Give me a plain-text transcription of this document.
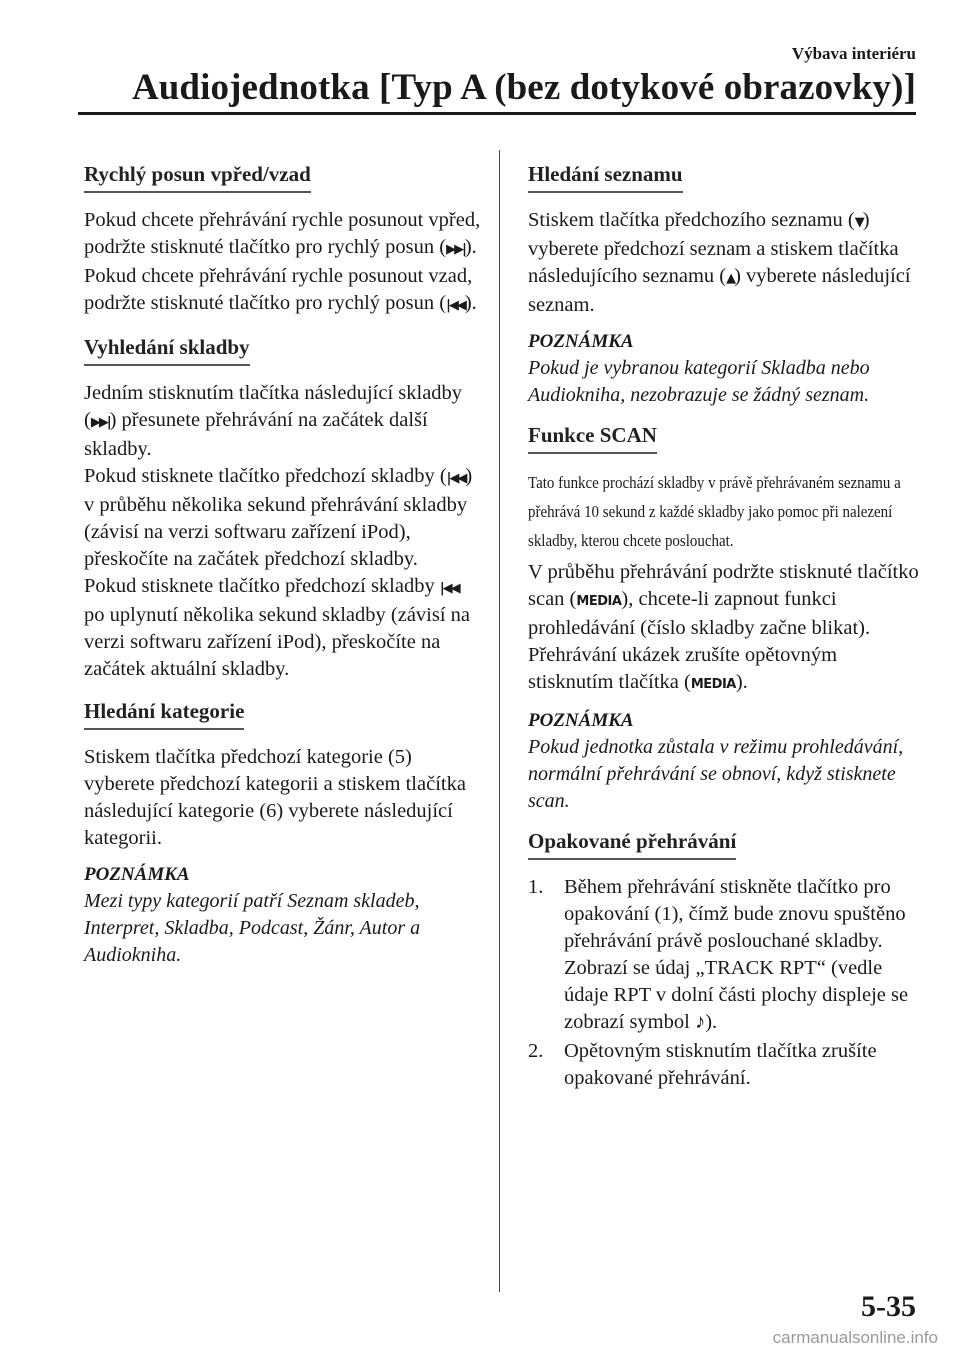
Výbava interiéru
Audiojednotka [Typ A (bez dotykové obrazovky)]
Rychlý posun vpřed/vzad

Pokud chcete přehrávání rychle posunout vpřed, podržte stisknuté tlačítko pro rychlý posun (▶▶|).
Pokud chcete přehrávání rychle posunout vzad, podržte stisknuté tlačítko pro rychlý posun (|◀◀).

Vyhledání skladby

Jedním stisknutím tlačítka následující skladby (▶▶|) přesunete přehrávání na začátek další skladby.
Pokud stisknete tlačítko předchozí skladby (|◀◀) v průběhu několika sekund přehrávání skladby (závisí na verzi softwaru zařízení iPod), přeskočíte na začátek předchozí skladby.
Pokud stisknete tlačítko předchozí skladby |◀◀ po uplynutí několika sekund skladby (závisí na verzi softwaru zařízení iPod), přeskočíte na začátek aktuální skladby.

Hledání kategorie

Stiskem tlačítka předchozí kategorie (5) vyberete předchozí kategorii a stiskem tlačítka následující kategorie (6) vyberete následující kategorii.

POZNÁMKA

Mezi typy kategorií patří Seznam skladeb, Interpret, Skladba, Podcast, Žánr, Autor a Audiokniha.

Hledání seznamu

Stiskem tlačítka předchozího seznamu (▼) vyberete předchozí seznam a stiskem tlačítka následujícího seznamu (▲) vyberete následující seznam.

POZNÁMKA

Pokud je vybranou kategorií Skladba nebo Audiokniha, nezobrazuje se žádný seznam.

Funkce SCAN

Tato funkce prochází skladby v právě přehrávaném seznamu a přehrává 10 sekund z každé skladby jako pomoc při nalezení skladby, kterou chcete poslouchat.

V průběhu přehrávání podržte stisknuté tlačítko scan (MEDIA), chcete-li zapnout funkci prohledávání (číslo skladby začne blikat). Přehrávání ukázek zrušíte opětovným stisknutím tlačítka (MEDIA).

POZNÁMKA

Pokud jednotka zůstala v režimu prohledávání, normální přehrávání se obnoví, když stisknete scan.

Opakované přehrávání
1. Během přehrávání stiskněte tlačítko pro opakování (1), čímž bude znovu spuštěno přehrávání právě poslouchané skladby. Zobrazí se údaj „TRACK RPT“ (vedle údaje RPT v dolní části plochy displeje se zobrazí symbol ♪).
2. Opětovným stisknutím tlačítka zrušíte opakované přehrávání.
5-35
carmanualsonline.info
